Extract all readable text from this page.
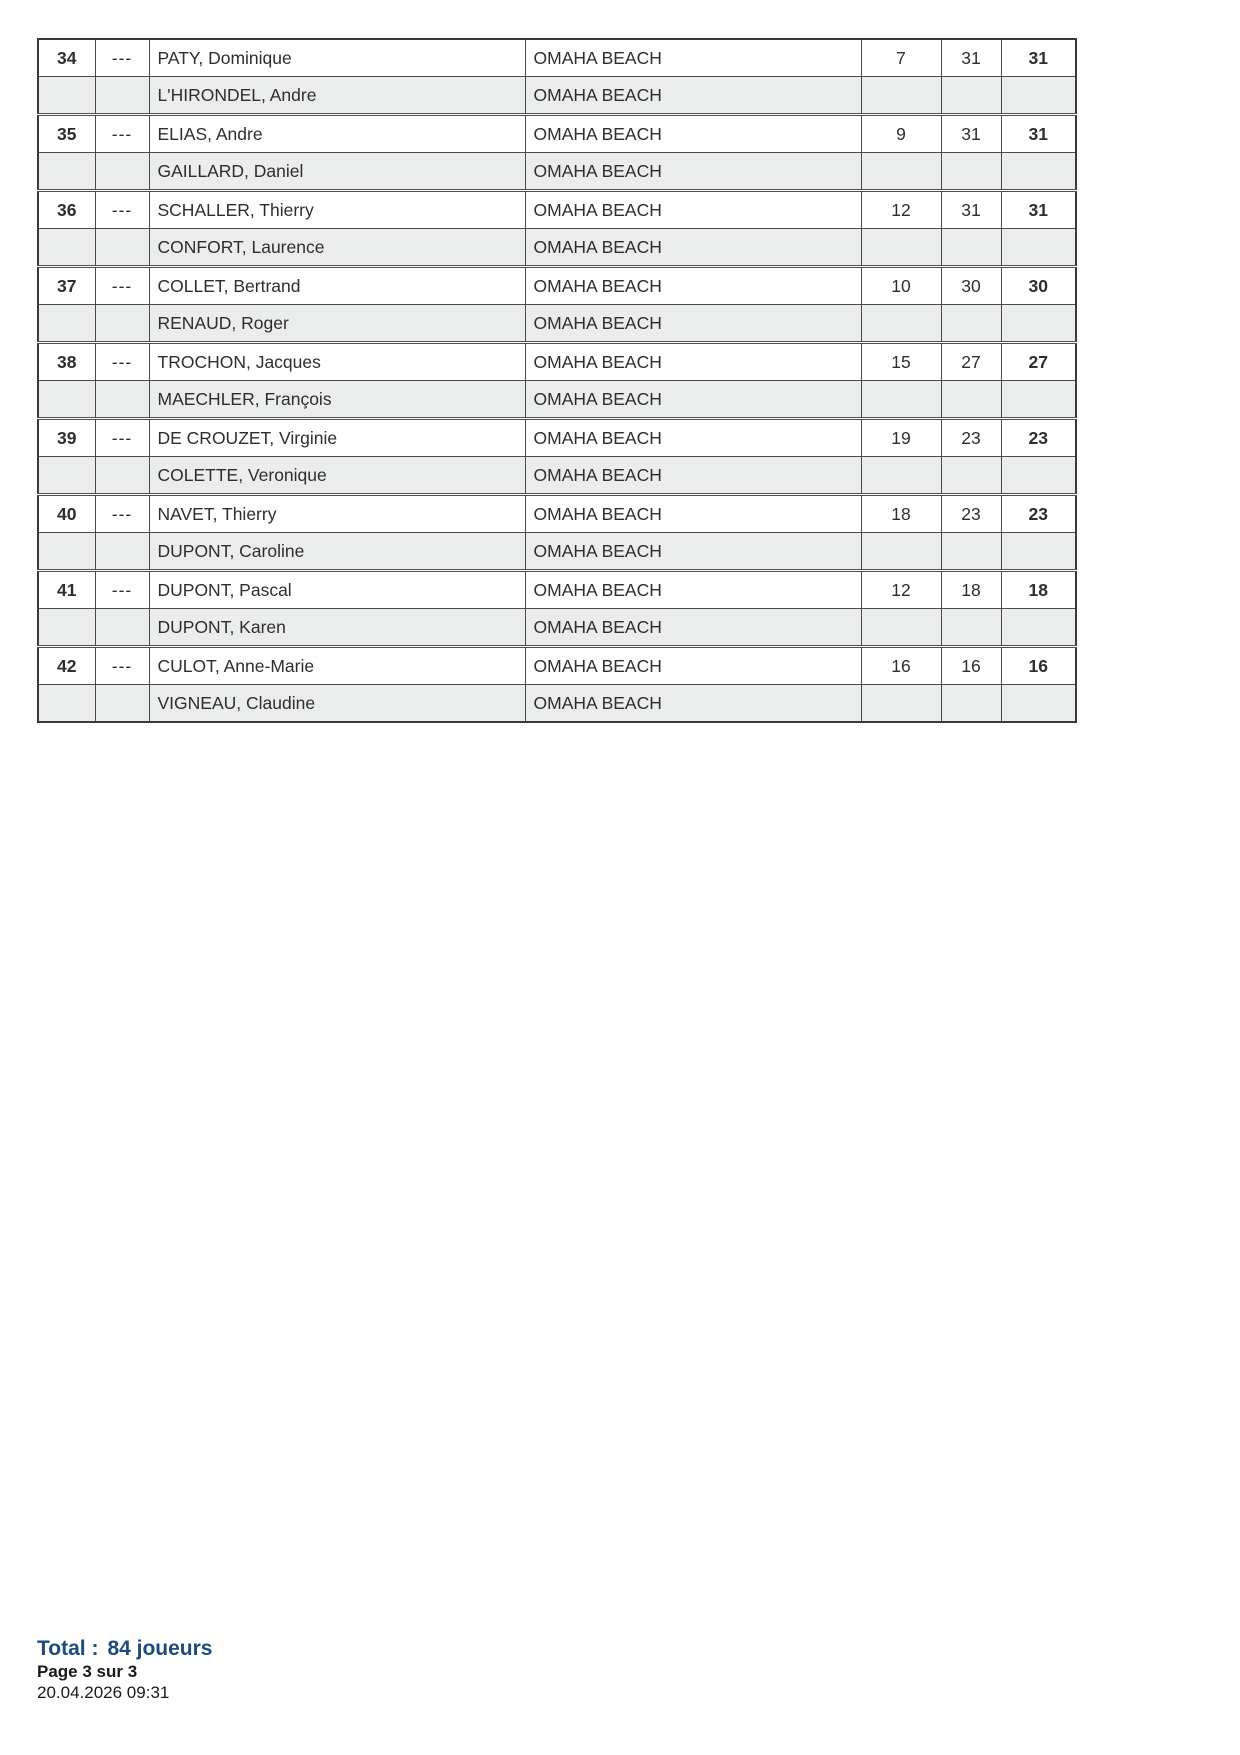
34	---	PATY, Dominique	OMAHA BEACH	7	31	31
		L'HIRONDEL, Andre	OMAHA BEACH			
35	---	ELIAS, Andre	OMAHA BEACH	9	31	31
		GAILLARD, Daniel	OMAHA BEACH			
36	---	SCHALLER, Thierry	OMAHA BEACH	12	31	31
		CONFORT, Laurence	OMAHA BEACH			
37	---	COLLET, Bertrand	OMAHA BEACH	10	30	30
		RENAUD, Roger	OMAHA BEACH			
38	---	TROCHON, Jacques	OMAHA BEACH	15	27	27
		MAECHLER, François	OMAHA BEACH			
39	---	DE CROUZET, Virginie	OMAHA BEACH	19	23	23
		COLETTE, Veronique	OMAHA BEACH			
40	---	NAVET, Thierry	OMAHA BEACH	18	23	23
		DUPONT, Caroline	OMAHA BEACH			
41	---	DUPONT, Pascal	OMAHA BEACH	12	18	18
		DUPONT, Karen	OMAHA BEACH			
42	---	CULOT, Anne-Marie	OMAHA BEACH	16	16	16
		VIGNEAU, Claudine	OMAHA BEACH			
Total : 84 joueurs
Page 3 sur 3
20.04.2026 09:31
